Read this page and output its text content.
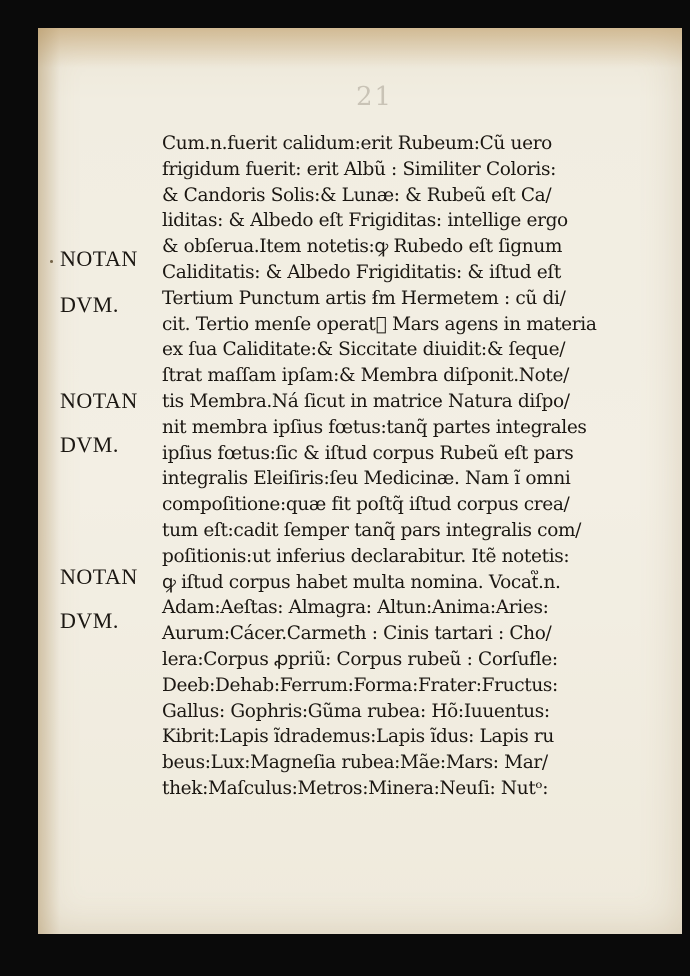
21
NOTAN
DVM.
NOTAN
DVM.
NOTAN
DVM.
Cum.n.fuerit calidum:erit Rubeum:Cũ uero
frigidum fuerit: erit Albũ : Similiter Coloris:
& Candoris Solis:& Lunæ: & Rubeũ eſt Ca/
liditas: & Albedo eſt Frigiditas: intellige ergo
& obſerua.Item notetis:ꝙ Rubedo eſt ſignum
Caliditatis: & Albedo Frigiditatis: & iſtud eſt
Tertium Punctum artis ẜm Hermetem : cũ di/
cit. Tertio menſe operat᷑ Mars agens in materia
ex ſua Caliditate:& Siccitate diuidit:& ſeque/
ſtrat maſſam ipſam:& Membra diſponit.Note/
tis Membra.Ná ſicut in matrice Natura diſpo/
nit membra ipſius fœtus:tanq̃ partes integrales
ipſius fœtus:ſic & iſtud corpus Rubeũ eſt pars
integralis Eleiſiris:ſeu Medicinæ. Nam ĩ omni
compoſitione:quæ fit poſtq̃ iſtud corpus crea/
tum eſt:cadit ſemper tanq̃ pars integralis com/
poſitionis:ut inferius declarabitur. Itẽ notetis:
ꝙ iſtud corpus habet multa nomina. Vocat᷑.n.
Adam:Aeſtas: Almagra: Altun:Anima:Aries:
Aurum:Cácer.Carmeth : Cinis tartari : Cho/
lera:Corpus ꝓpriũ: Corpus rubeũ : Corſufle:
Deeb:Dehab:Ferrum:Forma:Frater:Fructus:
Gallus: Gophris:Gũma rubea: Hõ:Iuuentus:
Kibrit:Lapis ĩdrademus:Lapis ĩdus: Lapis ru
beus:Lux:Magneſia rubea:Mãe:Mars: Mar/
thek:Maſculus:Metros:Minera:Neuſi: Nutᵒ:
